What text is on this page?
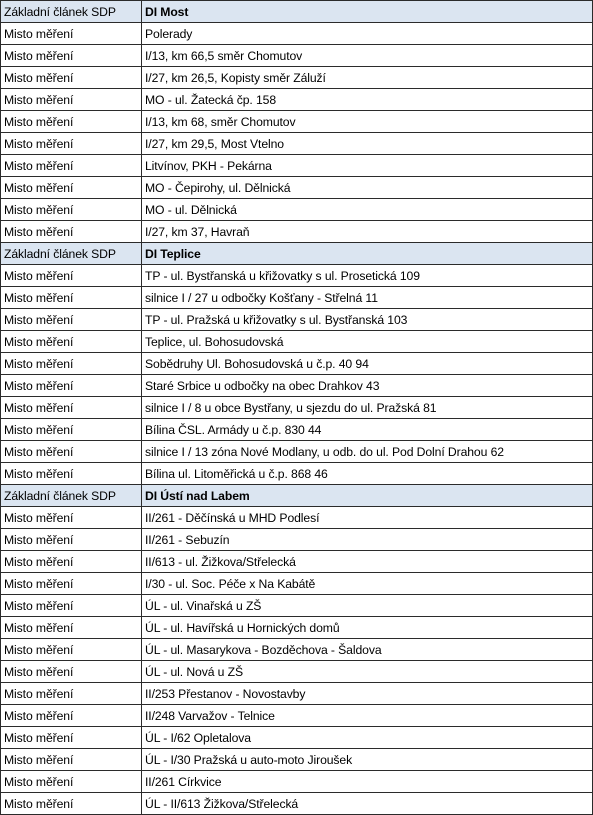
Základní článek SDP	DI Most
Misto měření	Polerady
Misto měření	I/13, km 66,5 směr Chomutov
Misto měření	I/27, km 26,5, Kopisty směr Záluží
Misto měření	MO - ul. Žatecká čp. 158
Misto měření	I/13, km 68, směr Chomutov
Misto měření	I/27, km 29,5, Most Vtelno
Misto měření	Litvínov, PKH - Pekárna
Misto měření	MO - Čepirohy, ul. Dělnická
Misto měření	MO - ul. Dělnická
Misto měření	I/27, km 37, Havraň
Základní článek SDP	DI Teplice
Misto měření	TP - ul. Bystřanská u křižovatky s ul. Prosetická 109
Misto měření	silnice I / 27 u odbočky Košťany - Střelná 11
Misto měření	TP - ul. Pražská u křižovatky s ul. Bystřanská 103
Misto měření	Teplice, ul. Bohosudovská
Misto měření	Sobědruhy Ul. Bohosudovská u č.p. 40 94
Misto měření	Staré Srbice u odbočky na obec Drahkov 43
Misto měření	silnice I / 8 u obce Bystřany, u sjezdu do ul. Pražská 81
Misto měření	Bílina ČSL. Armády u č.p. 830 44
Misto měření	silnice I / 13 zóna Nové Modlany, u odb. do ul. Pod Dolní Drahou 62
Misto měření	Bílina ul. Litoměřická u č.p. 868 46
Základní článek SDP	DI Ústí nad Labem
Misto měření	II/261 - Děčínská u MHD Podlesí
Misto měření	II/261 - Sebuzín
Misto měření	II/613 - ul. Žižkova/Střelecká
Misto měření	I/30 - ul. Soc. Péče x Na Kabátě
Misto měření	ÚL - ul. Vinařská u ZŠ
Misto měření	ÚL - ul. Havířská u Hornických domů
Misto měření	ÚL - ul. Masarykova - Bozděchova - Šaldova
Misto měření	ÚL - ul. Nová u ZŠ
Misto měření	II/253 Přestanov - Novostavby
Misto měření	II/248 Varvažov - Telnice
Misto měření	ÚL - I/62 Opletalova
Misto měření	ÚL - I/30 Pražská u auto-moto Jiroušek
Misto měření	II/261 Církvice
Misto měření	ÚL - II/613 Žižkova/Střelecká
